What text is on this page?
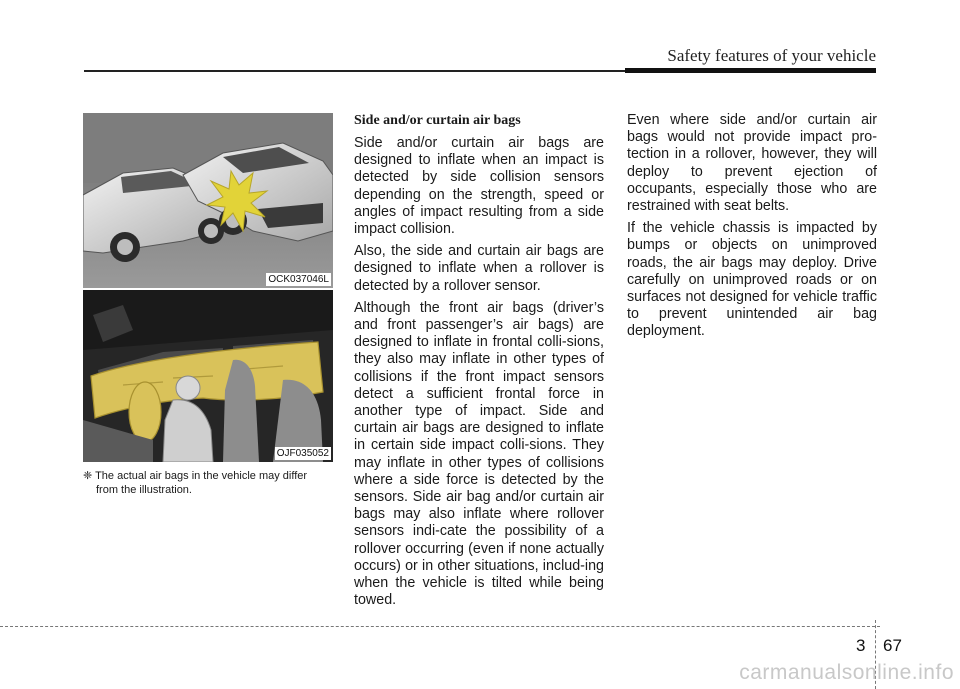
Safety features of your vehicle
OCK037046L
OJF035052
❈ The actual air bags in the vehicle may differ
from the illustration.
Side and/or curtain air bags

Side and/or curtain air bags are designed to inflate when an impact is detected by side collision sensors depending on the strength, speed or angles of impact resulting from a side impact collision.

Also, the side and curtain air bags are designed to inflate when a rollover is detected by a rollover sensor.

Although the front air bags (driver’s and front passenger’s air bags) are designed to inflate in frontal colli-sions, they also may inflate in other types of collisions if the front impact sensors detect a sufficient frontal force in another type of impact. Side and curtain air bags are designed to inflate in certain side impact colli-sions. They may inflate in other types of collisions where a side force is detected by the sensors. Side air bag and/or curtain air bags may also inflate where rollover sensors indi-cate the possibility of a rollover occurring (even if none actually occurs) or in other situations, includ-ing when the vehicle is tilted while being towed.

Even where side and/or curtain air bags would not provide impact pro-tection in a rollover, however, they will deploy to prevent ejection of occupants, especially those who are restrained with seat belts.

If the vehicle chassis is impacted by bumps or objects on unimproved roads, the air bags may deploy. Drive carefully on unimproved roads or on surfaces not designed for vehicle traffic to prevent unintended air bag deployment.

3 67
carmanualsonline.info
